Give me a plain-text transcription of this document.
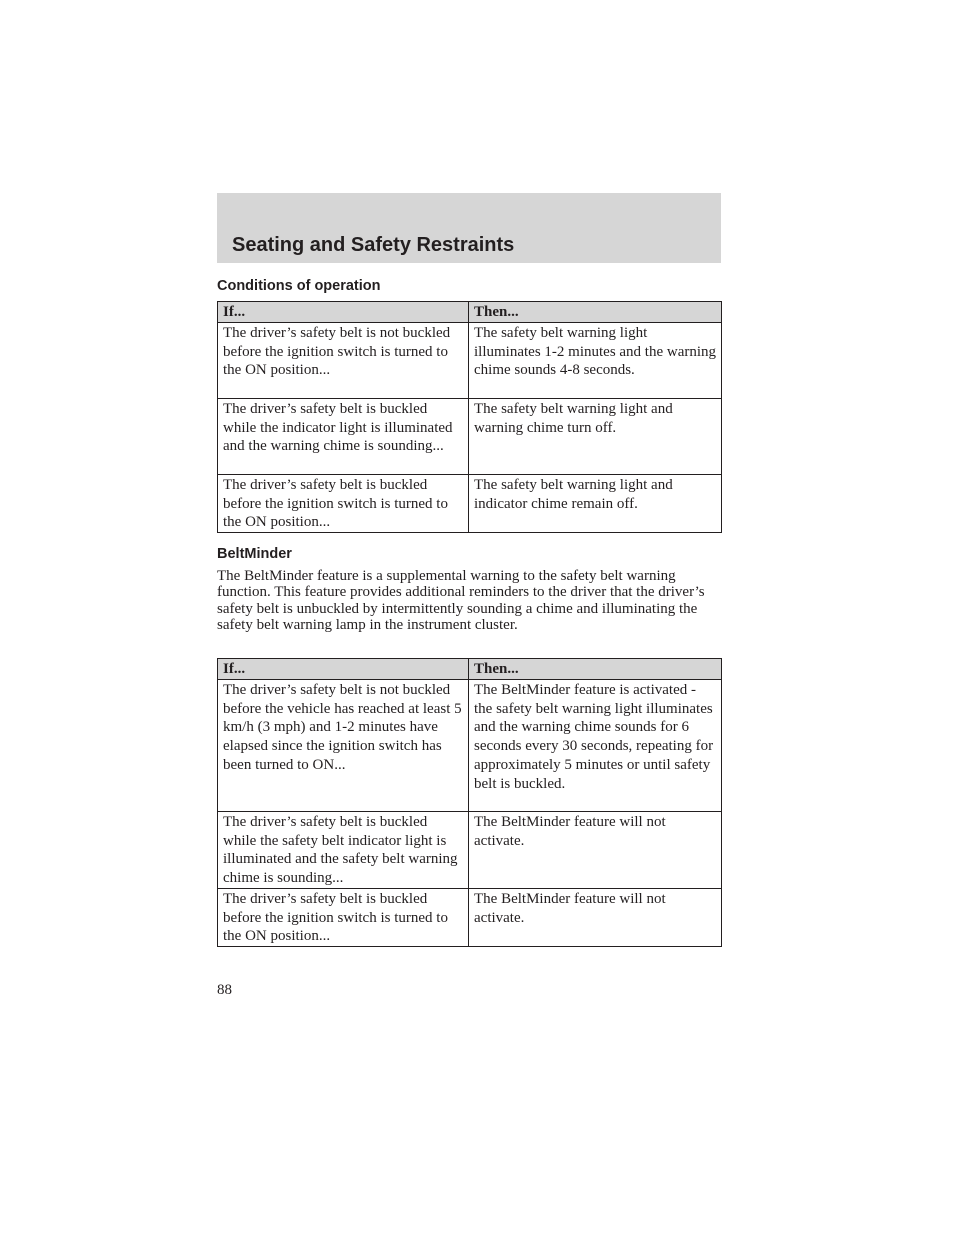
Seating and Safety Restraints
Conditions of operation
If...	Then...
The driver’s safety belt is not buckled before the ignition switch is turned to the ON position...	The safety belt warning light illuminates 1-2 minutes and the warning chime sounds 4-8 seconds.
The driver’s safety belt is buckled while the indicator light is illuminated and the warning chime is sounding...	The safety belt warning light and warning chime turn off.
The driver’s safety belt is buckled before the ignition switch is turned to the ON position...	The safety belt warning light and indicator chime remain off.
BeltMinder

The BeltMinder feature is a supplemental warning to the safety belt warning function. This feature provides additional reminders to the driver that the driver’s safety belt is unbuckled by intermittently sounding a chime and illuminating the safety belt warning lamp in the instrument cluster.

If...	Then...
The driver’s safety belt is not buckled before the vehicle has reached at least 5 km/h (3 mph) and 1-2 minutes have elapsed since the ignition switch has been turned to ON...	The BeltMinder feature is activated - the safety belt warning light illuminates and the warning chime sounds for 6 seconds every 30 seconds, repeating for approximately 5 minutes or until safety belt is buckled.
The driver’s safety belt is buckled while the safety belt indicator light is illuminated and the safety belt warning chime is sounding...	The BeltMinder feature will not activate.
The driver’s safety belt is buckled before the ignition switch is turned to the ON position...	The BeltMinder feature will not activate.

88
